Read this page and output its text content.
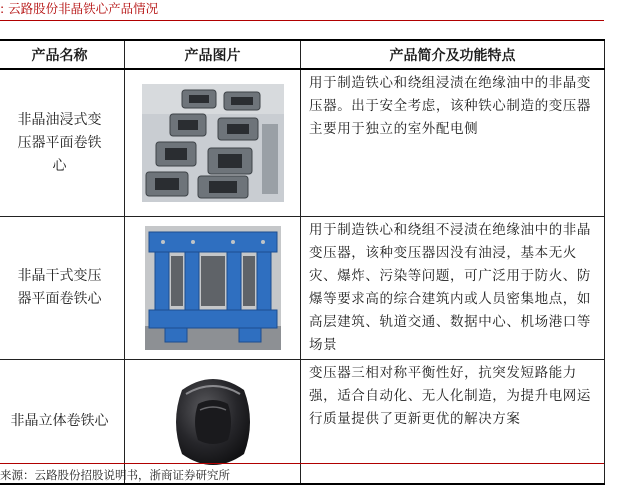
: 云路股份非晶铁心产品情况
产品名称	产品图片	产品简介及功能特点

非晶油浸式变压器平面卷铁心		用于制造铁心和绕组浸渍在绝缘油中的非晶变压器。出于安全考虑，该种铁心制造的变压器主要用于独立的室外配电侧

非晶干式变压器平面卷铁心		用于制造铁心和绕组不浸渍在绝缘油中的非晶变压器，该种变压器因没有油浸，基本无火灾、爆炸、污染等问题，可广泛用于防火、防爆等要求高的综合建筑内或人员密集地点，如高层建筑、轨道交通、数据中心、机场港口等场景

非晶立体卷铁心		变压器三相对称平衡性好，抗突发短路能力强，适合自动化、无人化制造，为提升电网运行质量提供了更新更优的解决方案
来源：云路股份招股说明书，浙商证券研究所
